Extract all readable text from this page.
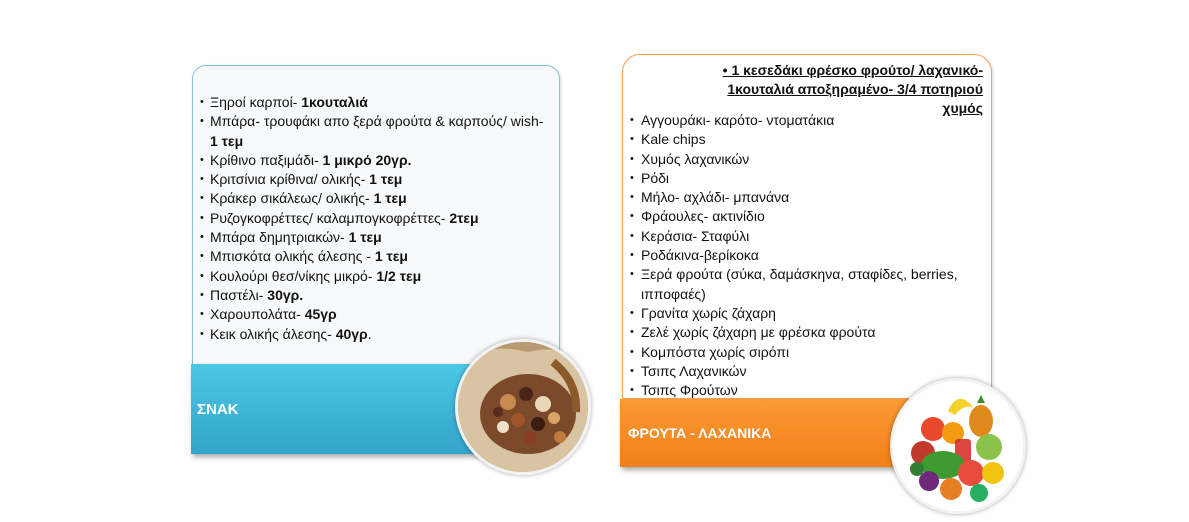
• Ξηροί καρποί- 1κουταλιά
• Μπάρα- τρουφάκι απο ξερά φρούτα & καρπούς/ wish- 1 τεμ
• Κρίθινο παξιμάδι- 1 μικρό 20γρ.
• Κριτσίνια κρίθινα/ ολικής- 1 τεμ
• Κράκερ σικάλεως/ ολικής- 1 τεμ
• Ρυζογκοφρέττες/ καλαμπογκοφρέττες- 2τεμ
• Μπάρα δημητριακών- 1 τεμ
• Μπισκότα ολικής άλεσης - 1 τεμ
• Κουλούρι θεσ/νίκης μικρό- 1/2 τεμ
• Παστέλι- 30γρ.
• Χαρουπολάτα- 45γρ
• Κεικ ολικής άλεσης- 40γρ.
ΣΝΑΚ
• 1 κεσεδάκι φρέσκο φρούτο/ λαχανικό- 1κουταλιά αποξηραμένο- 3/4 ποτηριού χυμός
• Αγγουράκι- καρότο- ντοματάκια
• Kale chips
• Χυμός λαχανικών
• Ρόδι
• Μήλο- αχλάδι- μπανάνα
• Φράουλες- ακτινίδιο
• Κεράσια- Σταφύλι
• Ροδάκινα-βερίκοκα
• Ξερά φρούτα (σύκα, δαμάσκηνα, σταφίδες, berries, ιπποφαές)
• Γρανίτα χωρίς ζάχαρη
• Ζελέ χωρίς ζάχαρη με φρέσκα φρούτα
• Κομπόστα χωρίς σιρόπι
• Τσιπς Λαχανικών
• Τσιπς Φρούτων
ΦΡΟΥΤΑ - ΛΑΧΑΝΙΚΑ
